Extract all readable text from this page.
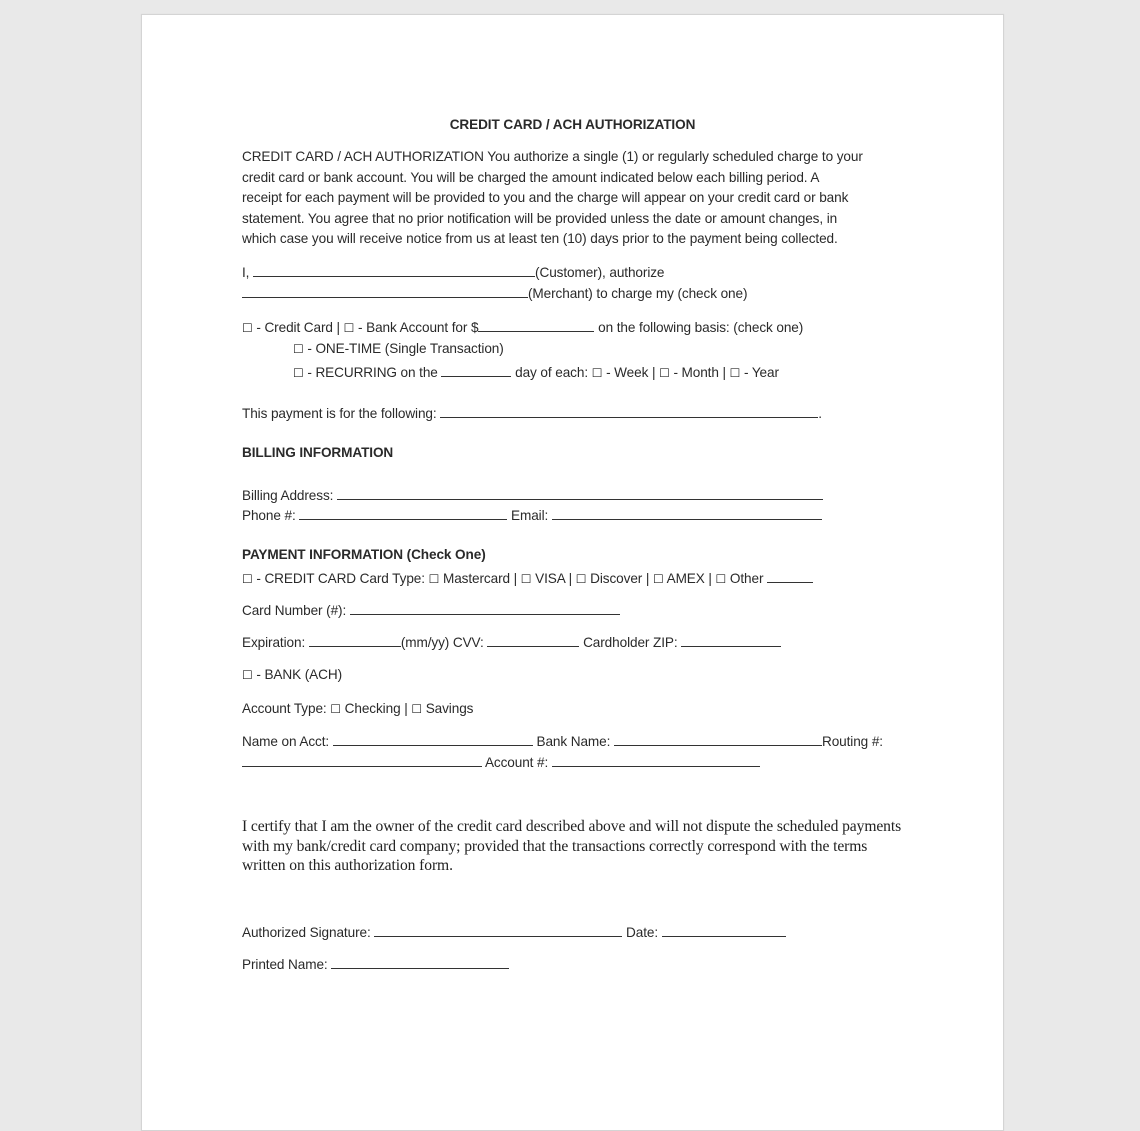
CREDIT CARD / ACH AUTHORIZATION
CREDIT CARD / ACH AUTHORIZATION You authorize a single (1) or regularly scheduled charge to your
credit card or bank account. You will be charged the amount indicated below each billing period. A
receipt for each payment will be provided to you and the charge will appear on your credit card or bank
statement. You agree that no prior notification will be provided unless the date or amount changes, in
which case you will receive notice from us at least ten (10) days prior to the payment being collected.
I,	(Customer), authorize
(Merchant) to charge my (check one)
☐ - Credit Card | ☐ - Bank Account for $	on the following basis: (check one)
☐ - ONE-TIME (Single Transaction)
☐ - RECURRING on the	day of each: ☐ - Week | ☐ - Month | ☐ - Year
This payment is for the following:	.
BILLING INFORMATION
Billing Address:
Phone #:	Email:
PAYMENT INFORMATION (Check One)
☐ - CREDIT CARD Card Type: ☐ Mastercard | ☐ VISA | ☐ Discover | ☐ AMEX | ☐ Other
Card Number (#):
Expiration:	(mm/yy) CVV:	Cardholder ZIP:
☐ - BANK (ACH)
Account Type: ☐ Checking | ☐ Savings
Name on Acct:	Bank Name:	Routing #:
Account #:
I certify that I am the owner of the credit card described above and will not dispute the scheduled payments with my bank/credit card company; provided that the transactions correctly correspond with the terms written on this authorization form.
Authorized Signature:	Date:
Printed Name:
